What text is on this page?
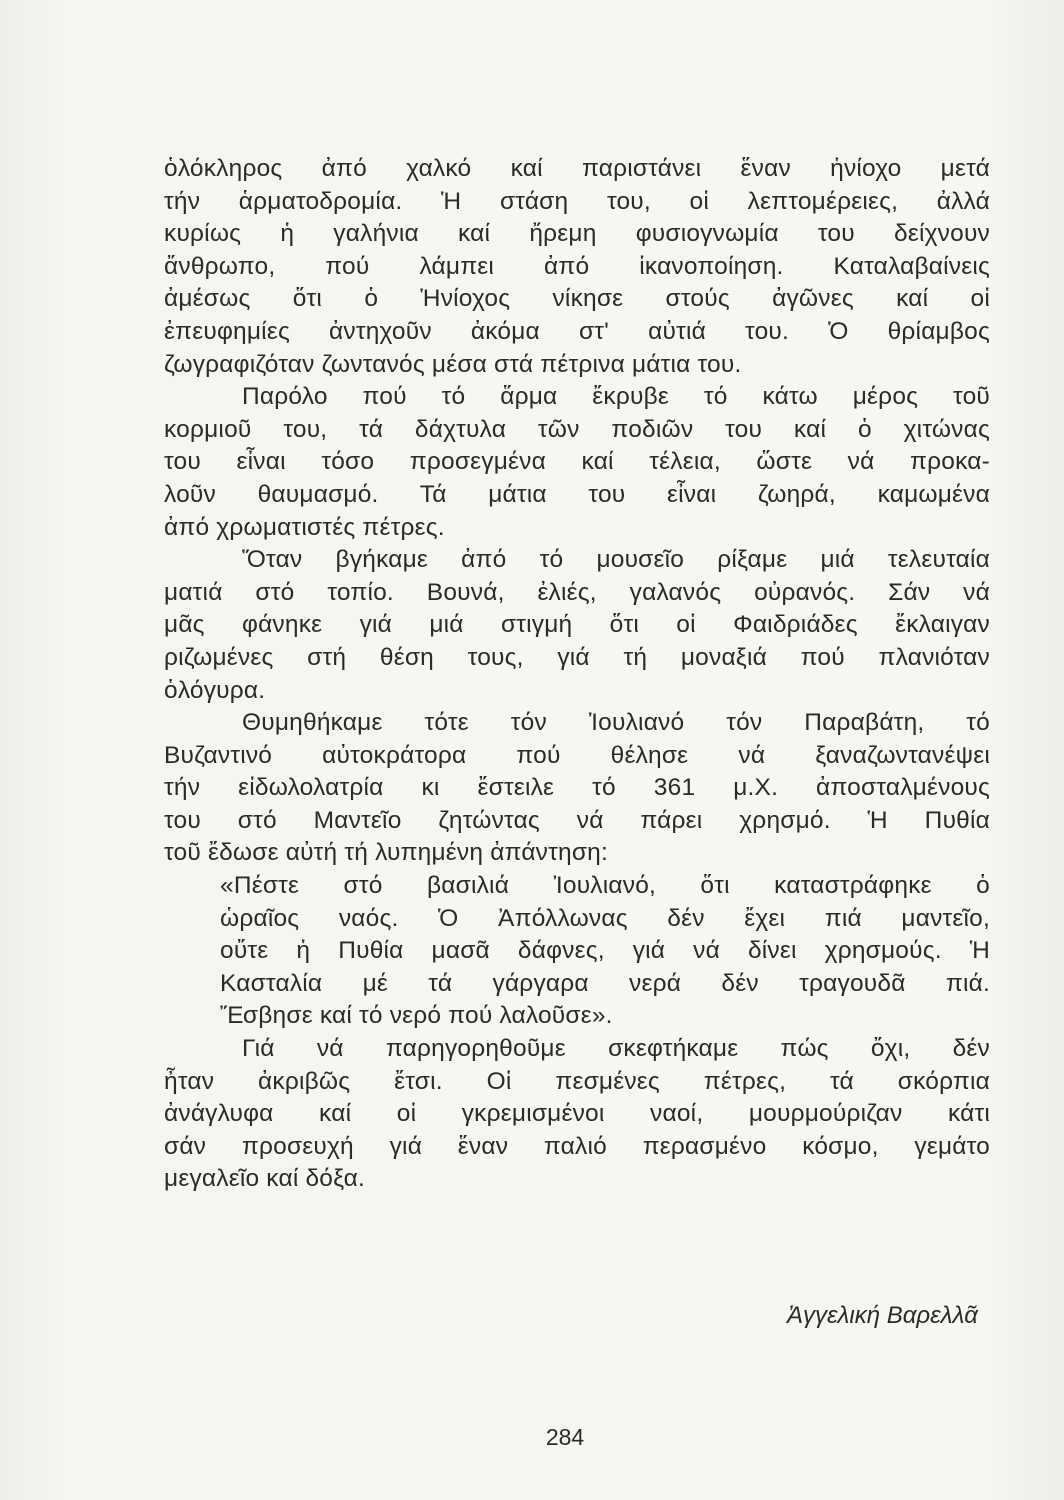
ὁλόκληρος ἀπό χαλκό καί παριστάνει ἕναν ἡνίοχο μετά
τήν ἁρματοδρομία. Ἡ στάση του, οἱ λεπτομέρειες, ἀλλά
κυρίως ἡ γαλήνια καί ἤρεμη φυσιογνωμία του δείχνουν
ἄνθρωπο, πού λάμπει ἀπό ἱκανοποίηση. Καταλαβαίνεις
ἀμέσως ὅτι ὁ Ἡνίοχος νίκησε στούς ἀγῶνες καί οἱ
ἐπευφημίες ἀντηχοῦν ἀκόμα στ' αὐτιά του. Ὁ θρίαμβος
ζωγραφιζόταν ζωντανός μέσα στά πέτρινα μάτια του.
Παρόλο πού τό ἅρμα ἔκρυβε τό κάτω μέρος τοῦ
κορμιοῦ του, τά δάχτυλα τῶν ποδιῶν του καί ὁ χιτώνας
του εἶναι τόσο προσεγμένα καί τέλεια, ὥστε νά προκα-
λοῦν θαυμασμό. Τά μάτια του εἶναι ζωηρά, καμωμένα
ἀπό χρωματιστές πέτρες.
Ὅταν βγήκαμε ἀπό τό μουσεῖο ρίξαμε μιά τελευταία
ματιά στό τοπίο. Βουνά, ἐλιές, γαλανός οὐρανός. Σάν νά
μᾶς φάνηκε γιά μιά στιγμή ὅτι οἱ Φαιδριάδες ἔκλαιγαν
ριζωμένες στή θέση τους, γιά τή μοναξιά πού πλανιόταν
ὁλόγυρα.
Θυμηθήκαμε τότε τόν Ἰουλιανό τόν Παραβάτη, τό
Βυζαντινό αὐτοκράτορα πού θέλησε νά ξαναζωντανέψει
τήν εἰδωλολατρία κι ἔστειλε τό 361 μ.Χ. ἀποσταλμένους
του στό Μαντεῖο ζητώντας νά πάρει χρησμό. Ἡ Πυθία
τοῦ ἔδωσε αὐτή τή λυπημένη ἀπάντηση:
«Πέστε στό βασιλιά Ἰουλιανό, ὅτι καταστράφηκε ὁ
ὡραῖος ναός. Ὁ Ἀπόλλωνας δέν ἔχει πιά μαντεῖο,
οὔτε ἡ Πυθία μασᾶ δάφνες, γιά νά δίνει χρησμούς. Ἡ
Κασταλία μέ τά γάργαρα νερά δέν τραγουδᾶ πιά.
Ἔσβησε καί τό νερό πού λαλοῦσε».
Γιά νά παρηγορηθοῦμε σκεφτήκαμε πώς ὄχι, δέν
ἦταν ἀκριβῶς ἔτσι. Οἱ πεσμένες πέτρες, τά σκόρπια
ἀνάγλυφα καί οἱ γκρεμισμένοι ναοί, μουρμούριζαν κάτι
σάν προσευχή γιά ἕναν παλιό περασμένο κόσμο, γεμάτο
μεγαλεῖο καί δόξα.
Ἀγγελική Βαρελλᾶ
284
